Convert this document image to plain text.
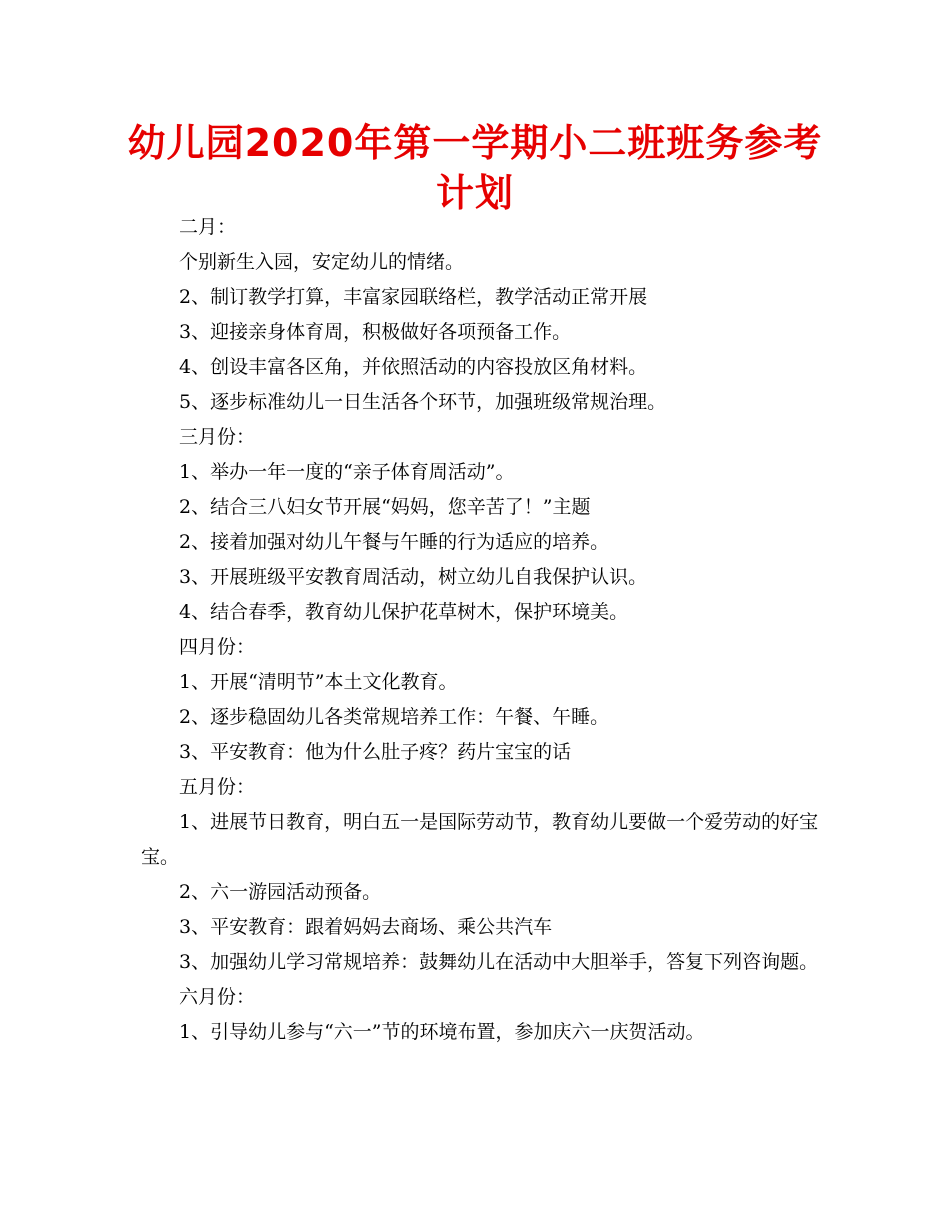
幼儿园2020年第一学期小二班班务参考计划

二月：

个别新生入园，安定幼儿的情绪。

2、制订教学打算，丰富家园联络栏，教学活动正常开展

3、迎接亲身体育周，积极做好各项预备工作。

4、创设丰富各区角，并依照活动的内容投放区角材料。

5、逐步标准幼儿一日生活各个环节，加强班级常规治理。

三月份：

1、举办一年一度的“亲子体育周活动”。

2、结合三八妇女节开展“妈妈，您辛苦了！”主题

2、接着加强对幼儿午餐与午睡的行为适应的培养。

3、开展班级平安教育周活动，树立幼儿自我保护认识。

4、结合春季，教育幼儿保护花草树木，保护环境美。

四月份：

1、开展“清明节”本土文化教育。

2、逐步稳固幼儿各类常规培养工作：午餐、午睡。

3、平安教育：他为什么肚子疼？药片宝宝的话

五月份：

1、进展节日教育，明白五一是国际劳动节，教育幼儿要做一个爱劳动的好宝宝。

2、六一游园活动预备。

3、平安教育：跟着妈妈去商场、乘公共汽车

3、加强幼儿学习常规培养：鼓舞幼儿在活动中大胆举手，答复下列咨询题。

六月份：

1、引导幼儿参与“六一”节的环境布置，参加庆六一庆贺活动。
